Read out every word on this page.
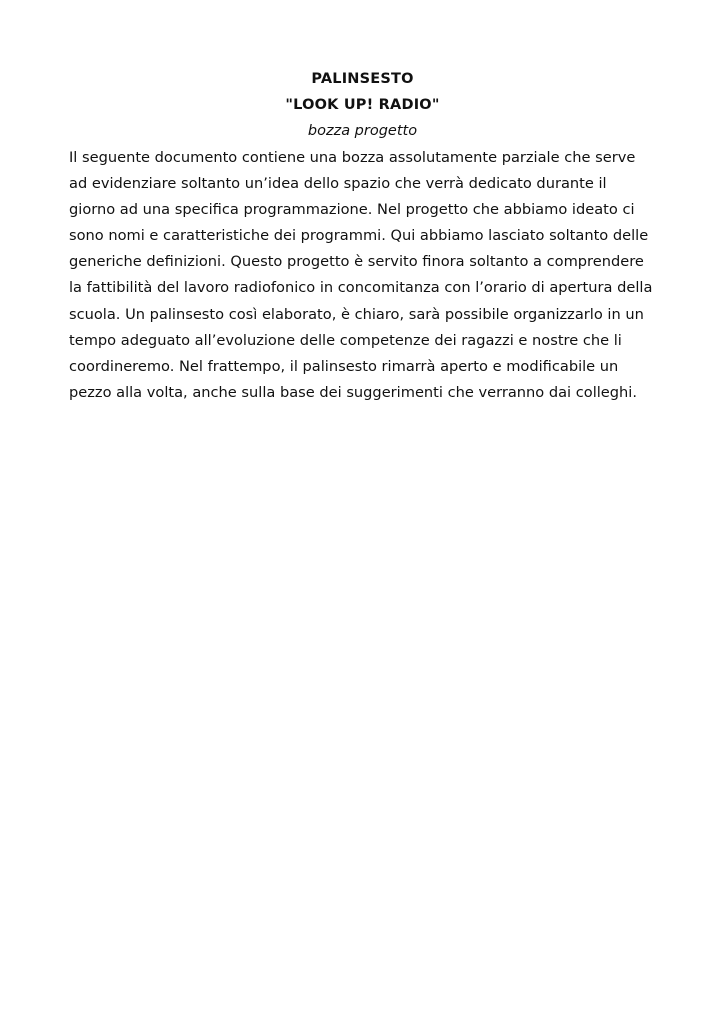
PALINSESTO
"LOOK UP! RADIO"
bozza progetto
Il seguente documento contiene una bozza assolutamente parziale che serve
ad evidenziare soltanto un’idea dello spazio che verrà dedicato durante il
giorno ad una specifica programmazione. Nel progetto che abbiamo ideato ci
sono nomi e caratteristiche dei programmi. Qui abbiamo lasciato soltanto delle
generiche definizioni. Questo progetto è servito finora soltanto a comprendere
la fattibilità del lavoro radiofonico in concomitanza con l’orario di apertura della
scuola. Un palinsesto così elaborato, è chiaro, sarà possibile organizzarlo in un
tempo adeguato all’evoluzione delle competenze dei ragazzi e nostre che li
coordineremo. Nel frattempo, il palinsesto rimarrà aperto e modificabile un
pezzo alla volta, anche sulla base dei suggerimenti che verranno dai colleghi.
